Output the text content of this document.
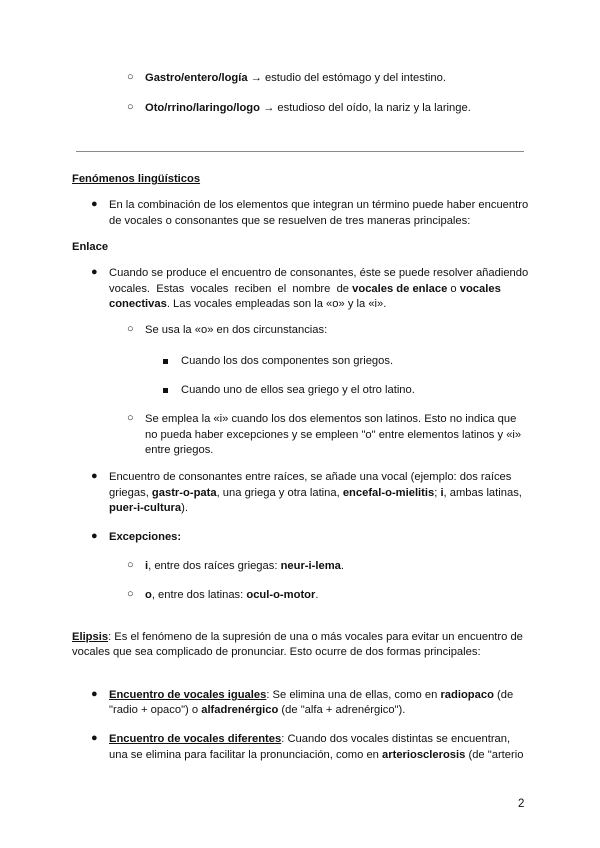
○ Gastro/entero/logía → estudio del estómago y del intestino.
○ Oto/rrino/laringo/logo → estudioso del oído, la nariz y la laringe.
Fenómenos lingüísticos
● En la combinación de los elementos que integran un término puede haber encuentro
de vocales o consonantes que se resuelven de tres maneras principales:
Enlace
● Cuando se produce el encuentro de consonantes, éste se puede resolver añadiendo
vocales.  Estas  vocales  reciben  el  nombre  de vocales de enlace o vocales
conectivas. Las vocales empleadas son la «o» y la «i».
○ Se usa la «o» en dos circunstancias:
Cuando los dos componentes son griegos.
Cuando uno de ellos sea griego y el otro latino.
○ Se emplea la «i» cuando los dos elementos son latinos. Esto no indica que
no pueda haber excepciones y se empleen "o" entre elementos latinos y «i»
entre griegos.
● Encuentro de consonantes entre raíces, se añade una vocal (ejemplo: dos raíces
griegas, gastr-o-pata, una griega y otra latina, encefal-o-mielitis; i, ambas latinas,
puer-i-cultura).
● Excepciones:
○ i, entre dos raíces griegas: neur-i-lema.
○ o, entre dos latinas: ocul-o-motor.
Elipsis: Es el fenómeno de la supresión de una o más vocales para evitar un encuentro de
vocales que sea complicado de pronunciar. Esto ocurre de dos formas principales:
● Encuentro de vocales iguales: Se elimina una de ellas, como en radiopaco (de
"radio + opaco") o alfadrenérgico (de "alfa + adrenérgico").
● Encuentro de vocales diferentes: Cuando dos vocales distintas se encuentran,
una se elimina para facilitar la pronunciación, como en arteriosclerosis (de "arterio
2
